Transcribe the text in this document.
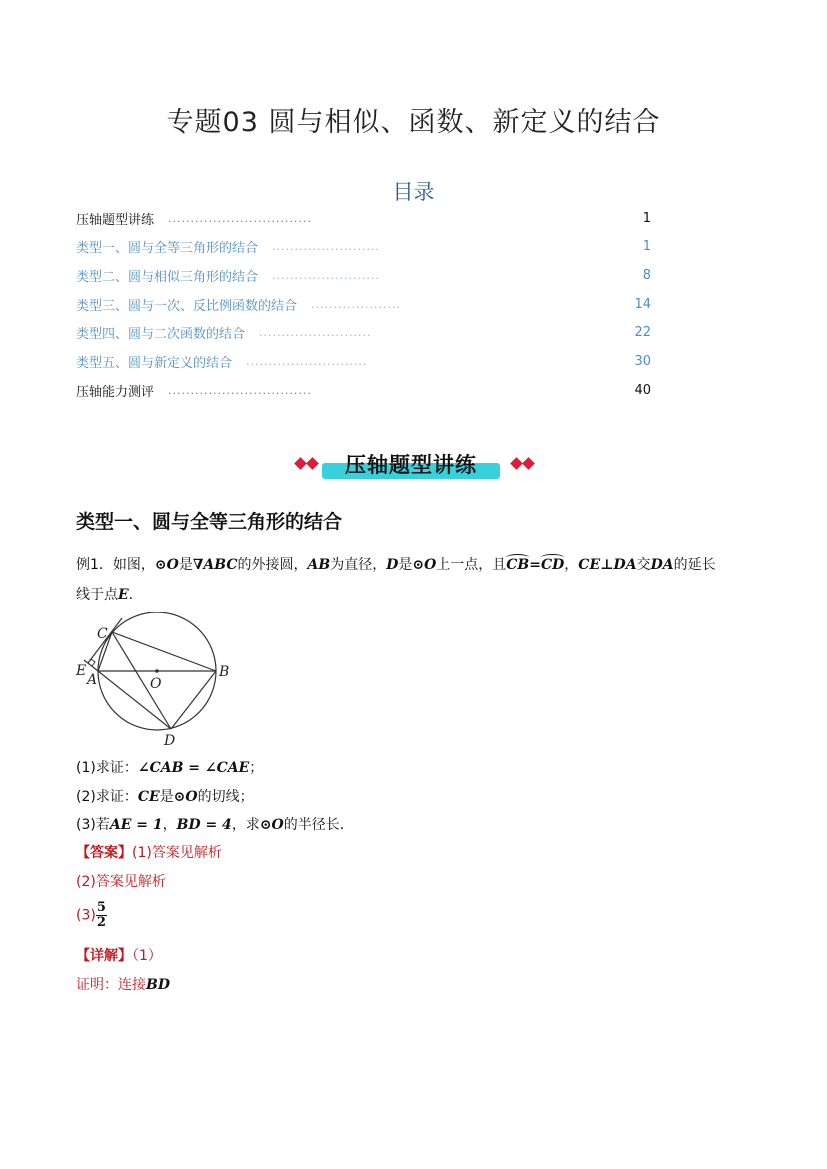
专题03 圆与相似、函数、新定义的结合
目录
压轴题型讲练 ................................	1
类型一、圆与全等三角形的结合 ........................	1
类型二、圆与相似三角形的结合 ........................	8
类型三、圆与一次、反比例函数的结合 ....................	14
类型四、圆与二次函数的结合 .........................	22
类型五、圆与新定义的结合 ...........................	30
压轴能力测评 ................................	40
压轴题型讲练
类型一、圆与全等三角形的结合
例1．如图，⊙O是∇ABC的外接圆，AB为直径，D是⊙O上一点，且CB=CD，CE⊥DA交DA的延长
线于点E．
C
E
A	O
B
D
(1)求证：∠CAB = ∠CAE；
(2)求证：CE是⊙O的切线；
(3)若AE = 1，BD = 4，求⊙O的半径长．
【答案】(1)答案见解析
(2)答案见解析
$(3) \frac{5}{2}$
【详解】（1）
证明：连接BD
